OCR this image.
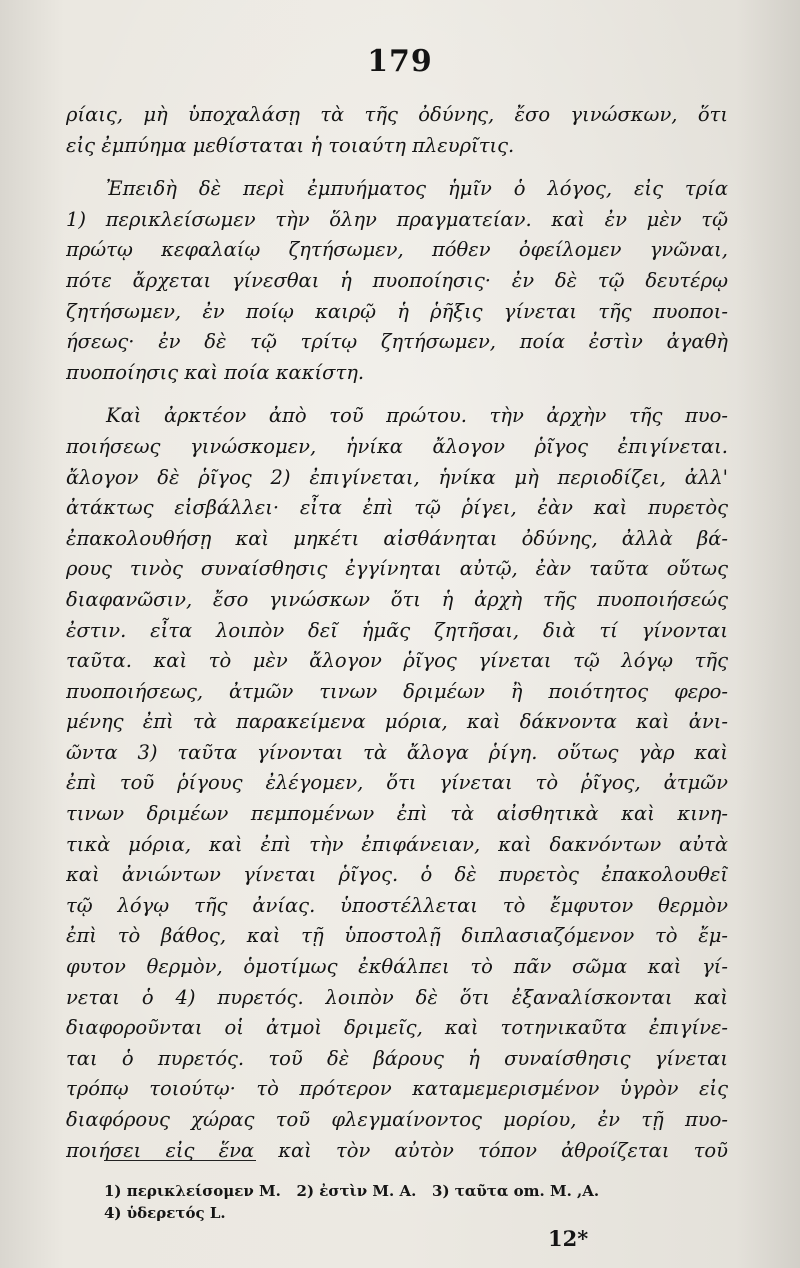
179
ρίαις, μὴ ὑποχαλάσῃ τὰ τῆς ὀδύνης, ἔσο γινώσκων, ὅτι
εἰς ἐμπύημα μεθίσταται ἡ τοιαύτη πλευρῖτις.
Ἐπειδὴ δὲ περὶ ἐμπυήματος ἡμῖν ὁ λόγος, εἰς τρία
1) περικλείσωμεν τὴν ὅλην πραγματείαν. καὶ ἐν μὲν τῷ
πρώτῳ κεφαλαίῳ ζητήσωμεν, πόθεν ὀφείλομεν γνῶναι,
πότε ἄρχεται γίνεσθαι ἡ πυοποίησις· ἐν δὲ τῷ δευτέρῳ
ζητήσωμεν, ἐν ποίῳ καιρῷ ἡ ῥῆξις γίνεται τῆς πυοποι-
ήσεως· ἐν δὲ τῷ τρίτῳ ζητήσωμεν, ποία ἐστὶν ἀγαθὴ
πυοποίησις καὶ ποία κακίστη.
Καὶ ἀρκτέον ἀπὸ τοῦ πρώτου. τὴν ἀρχὴν τῆς πυο-
ποιήσεως γινώσκομεν, ἡνίκα ἄλογον ῥῖγος ἐπιγίνεται.
ἄλογον δὲ ῥῖγος 2) ἐπιγίνεται, ἡνίκα μὴ περιοδίζει, ἀλλ'
ἀτάκτως εἰσβάλλει· εἶτα ἐπὶ τῷ ῥίγει, ἐὰν καὶ πυρετὸς
ἐπακολουθήσῃ καὶ μηκέτι αἰσθάνηται ὀδύνης, ἀλλὰ βά-
ρους τινὸς συναίσθησις ἐγγίνηται αὐτῷ, ἐὰν ταῦτα οὕτως
διαφανῶσιν, ἔσο γινώσκων ὅτι ἡ ἀρχὴ τῆς πυοποιήσεώς
ἐστιν. εἶτα λοιπὸν δεῖ ἡμᾶς ζητῆσαι, διὰ τί γίνονται
ταῦτα. καὶ τὸ μὲν ἄλογον ῥῖγος γίνεται τῷ λόγῳ τῆς
πυοποιήσεως, ἀτμῶν τινων δριμέων ἢ ποιότητος φερο-
μένης ἐπὶ τὰ παρακείμενα μόρια, καὶ δάκνοντα καὶ ἀνι-
ῶντα 3) ταῦτα γίνονται τὰ ἄλογα ῥίγη. οὕτως γὰρ καὶ
ἐπὶ τοῦ ῥίγους ἐλέγομεν, ὅτι γίνεται τὸ ῥῖγος, ἀτμῶν
τινων δριμέων πεμπομένων ἐπὶ τὰ αἰσθητικὰ καὶ κινη-
τικὰ μόρια, καὶ ἐπὶ τὴν ἐπιφάνειαν, καὶ δακνόντων αὐτὰ
καὶ ἀνιώντων γίνεται ῥῖγος. ὁ δὲ πυρετὸς ἐπακολουθεῖ
τῷ λόγῳ τῆς ἀνίας. ὑποστέλλεται τὸ ἔμφυτον θερμὸν
ἐπὶ τὸ βάθος, καὶ τῇ ὑποστολῇ διπλασιαζόμενον τὸ ἔμ-
φυτον θερμὸν, ὁμοτίμως ἐκθάλπει τὸ πᾶν σῶμα καὶ γί-
νεται ὁ 4) πυρετός. λοιπὸν δὲ ὅτι ἐξαναλίσκονται καὶ
διαφοροῦνται οἱ ἀτμοὶ δριμεῖς, καὶ τοτηνικαῦτα ἐπιγίνε-
ται ὁ πυρετός. τοῦ δὲ βάρους ἡ συναίσθησις γίνεται
τρόπῳ τοιούτῳ· τὸ πρότερον καταμεμερισμένον ὑγρὸν εἰς
διαφόρους χώρας τοῦ φλεγμαίνοντος μορίου, ἐν τῇ πυο-
ποιήσει εἰς ἕνα καὶ τὸν αὐτὸν τόπον ἀθροίζεται τοῦ
1) περικλείσομεν M.   2) ἐστὶν M. A.   3) ταῦτα om. M. ,A.
4) ὑδερετός L.
12*
